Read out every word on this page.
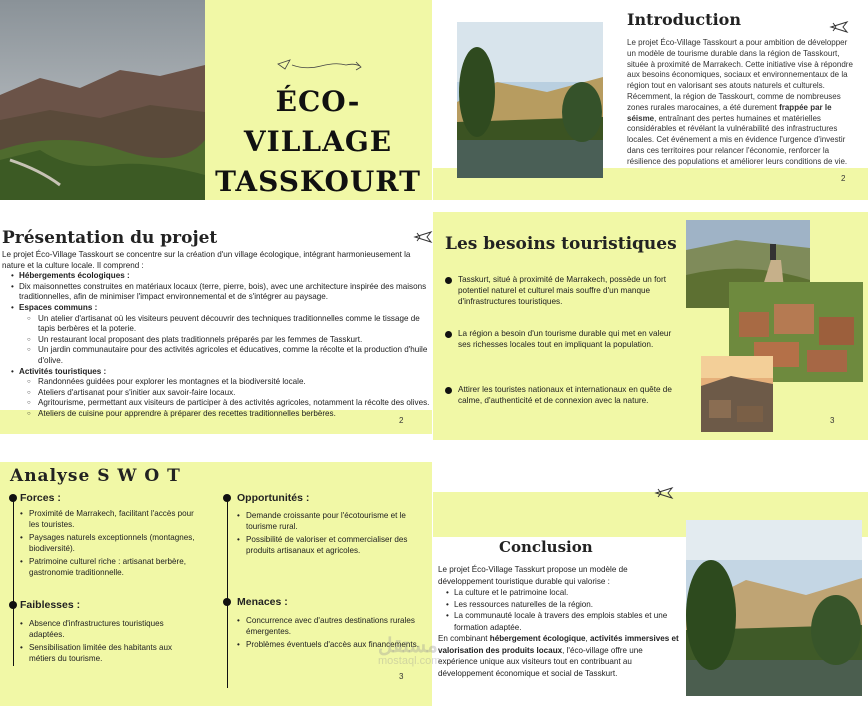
ÉCO-VILLAGE
TASSKOURT
Introduction
Le projet Éco-Village Tasskourt a pour ambition de développer un modèle de tourisme durable dans la région de Tasskourt, située à proximité de Marrakech. Cette initiative vise à répondre aux besoins économiques, sociaux et environnementaux de la région tout en valorisant ses atouts naturels et culturels. Récemment, la région de Tasskourt, comme de nombreuses zones rurales marocaines, a été durement frappée par le séisme, entraînant des pertes humaines et matérielles considérables et révélant la vulnérabilité des infrastructures locales. Cet événement a mis en évidence l'urgence d'investir dans ces territoires pour relancer l'économie, renforcer la résilience des populations et améliorer leurs conditions de vie.
2
Présentation du projet

Le projet Éco-Village Tasskourt se concentre sur la création d'un village écologique, intégrant harmonieusement la nature et la culture locale. Il comprend :

• Hébergements écologiques :
• Dix maisonnettes construites en matériaux locaux (terre, pierre, bois), avec une architecture inspirée des maisons traditionnelles, afin de minimiser l'impact environnemental et de s'intégrer au paysage.
• Espaces communs :
○ Un atelier d'artisanat où les visiteurs peuvent découvrir des techniques traditionnelles comme le tissage de tapis berbères et la poterie.
○ Un restaurant local proposant des plats traditionnels préparés par les femmes de Tasskurt.
○ Un jardin communautaire pour des activités agricoles et éducatives, comme la récolte et la production d'huile d'olive.
• Activités touristiques :
○ Randonnées guidées pour explorer les montagnes et la biodiversité locale.
○ Ateliers d'artisanat pour s'initier aux savoir-faire locaux.
○ Agritourisme, permettant aux visiteurs de participer à des activités agricoles, notamment la récolte des olives.
○ Ateliers de cuisine pour apprendre à préparer des recettes traditionnelles berbères.
2
Les besoins touristiques
Tasskurt, situé à proximité de Marrakech, possède un fort potentiel naturel et culturel mais souffre d'un manque d'infrastructures touristiques.
La région a besoin d'un tourisme durable qui met en valeur ses richesses locales tout en impliquant la population.
Attirer les touristes nationaux et internationaux en quête de calme, d'authenticité et de connexion avec la nature.
3
Analyse S W O T
Forces :
• Proximité de Marrakech, facilitant l'accès pour les touristes.
• Paysages naturels exceptionnels (montagnes, biodiversité).
• Patrimoine culturel riche : artisanat berbère, gastronomie traditionnelle.
Faiblesses :
• Absence d'infrastructures touristiques adaptées.
• Sensibilisation limitée des habitants aux métiers du tourisme.
Opportunités :
• Demande croissante pour l'écotourisme et le tourisme rural.
• Possibilité de valoriser et commercialiser des produits artisanaux et agricoles.
Menaces :
• Concurrence avec d'autres destinations rurales émergentes.
• Problèmes éventuels d'accès aux financements.
3
Conclusion

Le projet Éco-Village Tasskurt propose un modèle de développement touristique durable qui valorise :

• La culture et le patrimoine local.
• Les ressources naturelles de la région.
• La communauté locale à travers des emplois stables et une formation adaptée.

En combinant hébergement écologique, activités immersives et valorisation des produits locaux, l'éco-village offre une expérience unique aux visiteurs tout en contribuant au développement économique et social de Tasskurt.

مستقل
mostaql.com
